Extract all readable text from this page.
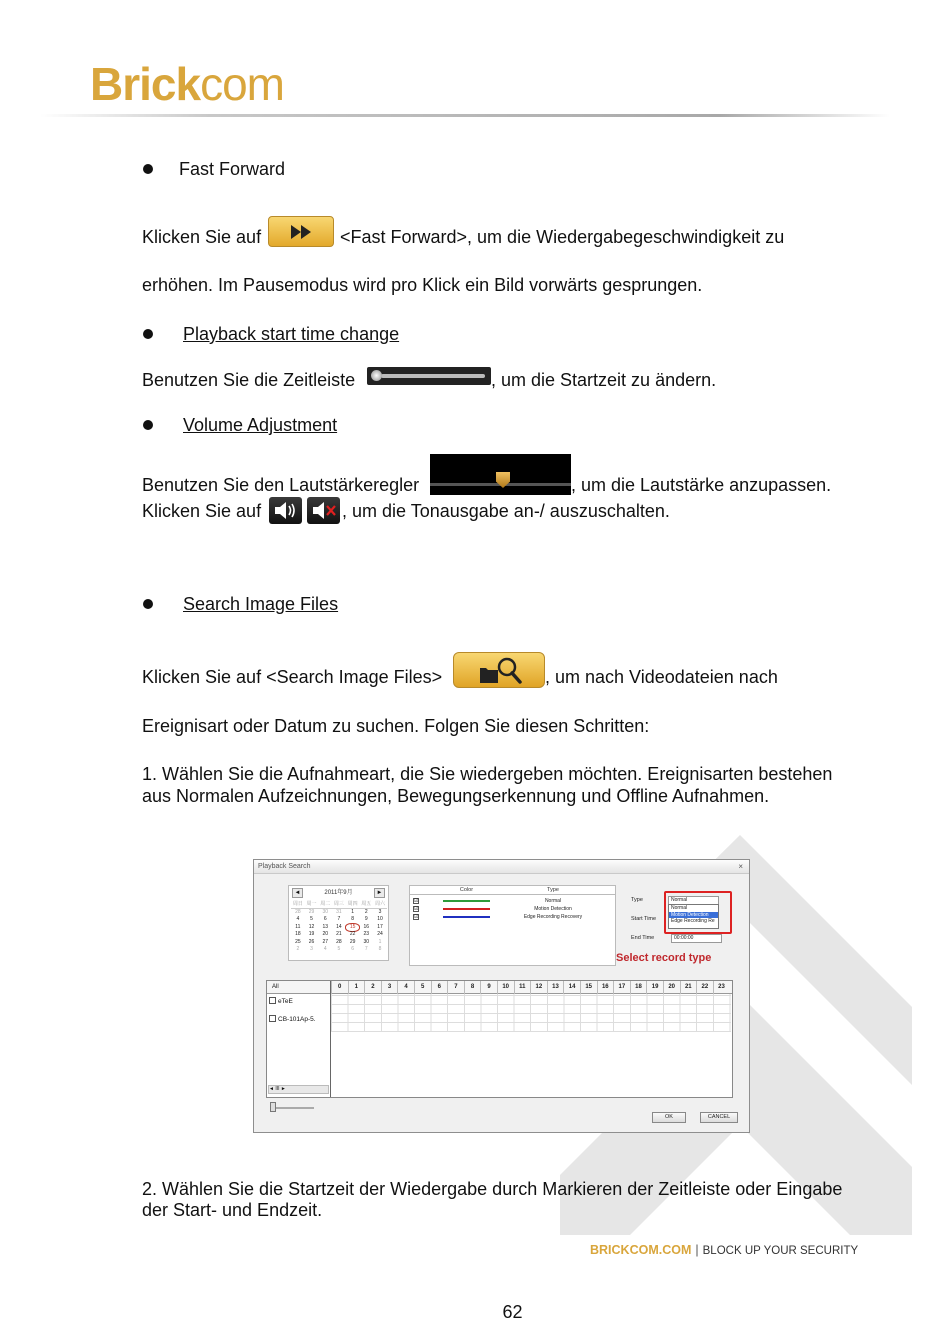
Brickcom
Fast Forward
Klicken Sie auf	<Fast Forward>, um die Wiedergabegeschwindigkeit zu
erhöhen. Im Pausemodus wird pro Klick ein Bild vorwärts gesprungen.
Playback start time change
Benutzen Sie die Zeitleiste	, um die Startzeit zu ändern.
Volume Adjustment
Benutzen Sie den Lautstärkeregler	, um die Lautstärke anzupassen.
Klicken Sie auf	, um die Tonausgabe an-/ auszuschalten.
Search Image Files
Klicken Sie auf <Search Image Files>	, um nach Videodateien nach
Ereignisart oder Datum zu suchen. Folgen Sie diesen Schritten:
1. Wählen Sie die Aufnahmeart, die Sie wiedergeben möchten. Ereignisarten bestehen
aus Normalen Aufzeichnungen, Bewegungserkennung und Offline Aufnahmen.
Playback Search	×
2011年9月
◄	►
周日 周一 周二 周三 周四 周五 周六
28	29	30	31	1	2	3
4	5	6	7	8	9	10
11	12	13	14	15	16	17
18	19	20	21	22	23	24
25	26	27	28	29	30	1
2	3	4	5	6	7	8
Color	Type
☑	Normal
☑	Motion Detection
☑	Edge Recording Recovery
Type	Normal
Normal
Motion Detection
Edge Recording Re
Start Time
End Time	00:00:00
Select record type
All	0	1	2	3	4	5	6	7	8	9	10	11	12	13	14	15	16	17	18	19	20	21	22	23
eTeE
CB-101Ap-5.
◄ III ►
OK	CANCEL
2. Wählen Sie die Startzeit der Wiedergabe durch Markieren der Zeitleiste oder Eingabe
der Start- und Endzeit.
BRICKCOM.COM | BLOCK UP YOUR SECURITY
62
